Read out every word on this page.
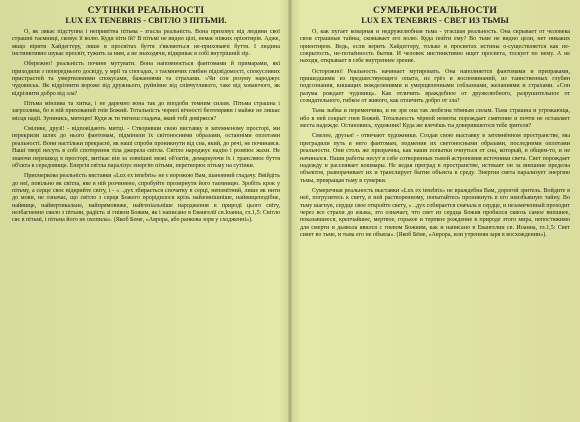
СУТІНКИ РЕАЛЬНОСТІ
LUX EX TENEBRIS - СВІТЛО З ПІТЬМИ.

О, як лякає підступна і непривітна пітьма - згасла реальність. Вона приховує від людини свої страшні таємниці, сковує її волю. Куди піти їй? В пітьмі не видно цілі, немає ніяких орієнтирів. Адже, якщо вірити Хайдеггеру, лише в просвітах буття з'являються не-приховавчі буття. І людина інстинктивно шукає просвіт, тужить за ним, а не знаходячи, відкриває в собі внутрішній зір.

Обережно! реальність почине мутувати. Вона наповнюється фантомами й примарами, які приходили з попереднього досвіду, у мрії та спогадах, з таємничих глибин підсвідомості, спокусливих пристрастей та умертвленими спокусами, бажаннями та страхами. «Чи сон розуму народжує чудовиськ. Як відрізнити вороже від дружнього, руйнівне від співчутливого, таке від ховаючого, як відрізнити добро від зла?

Пітьма мінлива та хитка, і не даремно вона так до вподоби темним силам. Пітьма страшна і загрозлива, бо в ній прихований гнів Божий. Тотальність чорної вічності безтемряви і майже не лишає місця надії. Зупинись, митецю! Куди ж ти тягнеш гладача, який тобі довіряєся?

Сміливе, друзі! - відповідають митці. - Створивши свою виставку в затемненому просторі, ми перекрили шлях до нього фантомам, підмінили їх світоносними образами, останніми оплотами реальності. Вони настільки прекрасні, як наші спроби проникнути від сна, який, до речі, не починався. Наші творі несуть в собі споторення тіла джерела світла. Світло народжує надію і розвіює жахи. Не знаючи перешкод в просторі, витікає він за зовнішні межі об'єктів, демаркуючи їх і трансляює буття об'єкта в середовище. Енергія світла паралізує енергію пітьми, перетворює пітьму на сутінки.

Присмеркова реальність виставки «Lux ex tenebris» не є ворожою Вам, шановний гладачу. Ввійдіть до неї, повільно як світла, яке в ній розчинено, спробуйте прозирнути його таємницю. Зробіть крок у пітьму, а серце своє відкрийте світу, і - « ..дух збирається спочатку в серці, непомітний, лише як нити до мови, не означає, що світло з серця Божого прорідилося крізь найзовнішніше, найвищеподібне, найвище, найвертикальне, найпрямовиже, найгеніальніше народження в природі цього світу, незбагненно сяяло з пітьми, радієть зі гнівом Божим, як і написано в Евангелії св.Іоанна, гл.1,5: Світло сяє в пітьмі, і пітьма його не охопила». (Якоб Беме, «Аврора, або ранкова зоря у сходженні»).

СУМЕРКИ РЕАЛЬНОСТИ
LUX EX TENEBRIS - СВЕТ ИЗ ТЬМЫ

О, как пугает коварная и недружелюбная тьма - угасшая реальность. Она скрывает от человека свои страшные тайны, сковывает его волю. Куда пойти ему? Во тьме не видно цели, нет никаких ориентиров. Ведь, если верить Хайдеггеру, только в просветах истины о-существляется как не-сокрытость, не-потаённость бытия. И человек инстинктивно ищет просвета, тоскует по нему. А не находя, открывает в себе внутреннее зрение.

Осторожно! Реальность начинает мутировать. Она наполняется фантомами и призраками, пришедшими из предшествующего опыта, из грёз и воспоминаний, из таинственных глубин подсознания, кишащих вожделениями и умерщвленными соблазнами, желаниями и страхами. «Сон разума рождает чудовищ». Как отличить враждебное от дружелюбного, разрушительное от созидательного, гибкое от живого, как отличить добро от зла?

Тьма зыбка и переменчива, и не зря она так любезна тёмным силам. Тьма страшна и угрожающа, ибо в ней сокрыт гнев Божий. Тотальность чёрной немоты порождает смятение и почти не оставляет места надежде. Остановись, художник! Куда же влечёшь ты доверившегося тебе зрителя?

Смелее, друзья! - отвечают художники. Создав свою выставку в затемнённом пространстве, мы преградили путь в него фантомам, подменив их светоносными образами, последними оплотами реальности. Они столь же призрачны, как наши попытки очнуться от сна, который, в общем-то, и не начинался. Наши работы несут в себе сотворенных тьмой астрономия источники света. Свет порождает надежду и рассеивает кошмары. Не ведая преград в пространстве, истекает он за внешние пределы объектов, разворачивает их и транслирует бытие объекта в среду. Энергия света парализует энергию тьмы, превращая тьму в сумерки.

Сумеречная реальность выставки «Lux ex tenebris» не враждебна Вам, дорогой зритель. Войдите в неё, погрузитесь к свету, в ней растворенному, попытайтесь проникнуть в его неизбывную тайну. Во тьму шагнув, сердце свое откройте свету, « ..дух собирается сначала в сердце, и незамеченный проходит через все страхи до языка, это означает, что свет из сердца Божия пробился сквозь самое внешнее, показавшееся, крепчайшее, мертвое, горькое и терпкое рождение в природе этого мира, непостижимо для смерти и дьявола явился с гневом Божиим, как и написано в Евангелии св. Иоанна, гл.1,5: Свет сияет во тьме, и тьма его не объяла». (Якоб Бёме, «Аврора, или утренняя заря в восхождении»).
